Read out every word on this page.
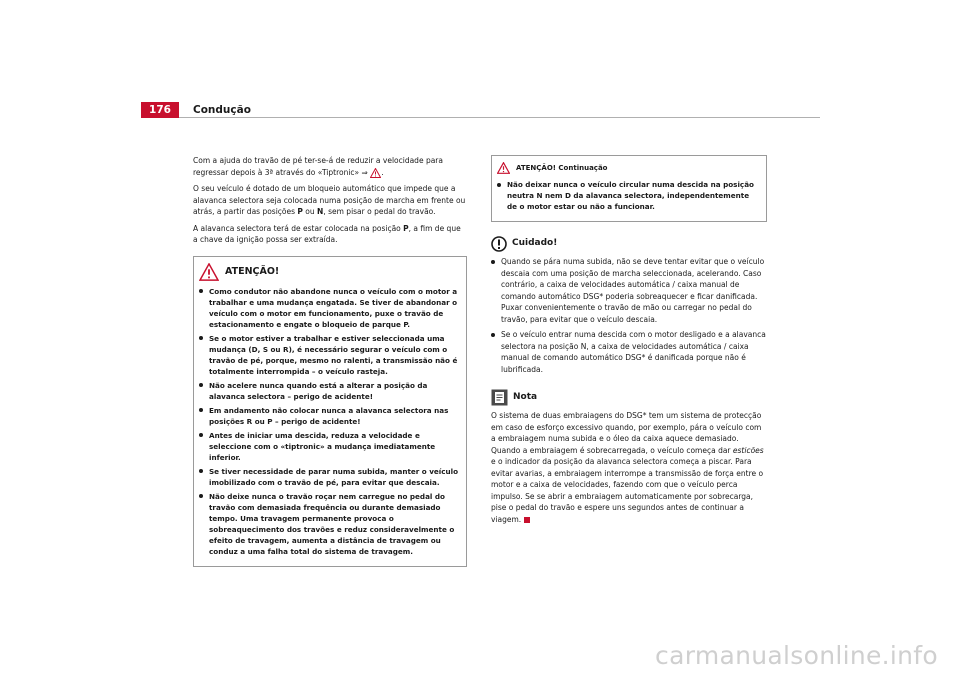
176	Condução

Com a ajuda do travão de pé ter-se-á de reduzir a velocidade para regressar depois à 3ª através do «Tiptronic» ⇒ .

O seu veículo é dotado de um bloqueio automático que impede que a alavanca selectora seja colocada numa posição de marcha em frente ou atrás, a partir das posições P ou N, sem pisar o pedal do travão.

A alavanca selectora terá de estar colocada na posição P, a fim de que a chave da ignição possa ser extraída.

ATENÇÃO!
Como condutor não abandone nunca o veículo com o motor a trabalhar e uma mudança engatada. Se tiver de abandonar o veículo com o motor em funcionamento, puxe o travão de estacionamento e engate o bloqueio de parque P.
Se o motor estiver a trabalhar e estiver seleccionada uma mudança (D, S ou R), é necessário segurar o veículo com o travão de pé, porque, mesmo no ralenti, a transmissão não é totalmente interrompida – o veículo rasteja.
Não acelere nunca quando está a alterar a posição da alavanca selectora – perigo de acidente!
Em andamento não colocar nunca a alavanca selectora nas posições R ou P – perigo de acidente!
Antes de iniciar uma descida, reduza a velocidade e seleccione com o «tiptronic» a mudança imediatamente inferior.
Se tiver necessidade de parar numa subida, manter o veículo imobilizado com o travão de pé, para evitar que descaia.
Não deixe nunca o travão roçar nem carregue no pedal do travão com demasiada frequência ou durante demasiado tempo. Uma travagem permanente provoca o sobreaquecimento dos travões e reduz consideravelmente o efeito de travagem, aumenta a distância de travagem ou conduz a uma falha total do sistema de travagem.
ATENÇÃO! Continuação
Não deixar nunca o veículo circular numa descida na posição neutra N nem D da alavanca selectora, independentemente de o motor estar ou não a funcionar.
Cuidado!
Quando se pára numa subida, não se deve tentar evitar que o veículo descaia com uma posição de marcha seleccionada, acelerando. Caso contrário, a caixa de velocidades automática / caixa manual de comando automático DSG* poderia sobreaquecer e ficar danificada. Puxar convenientemente o travão de mão ou carregar no pedal do travão, para evitar que o veículo descaia.
Se o veículo entrar numa descida com o motor desligado e a alavanca selectora na posição N, a caixa de velocidades automática / caixa manual de comando automático DSG* é danificada porque não é lubrificada.
Nota

O sistema de duas embraiagens do DSG* tem um sistema de protecção em caso de esforço excessivo quando, por exemplo, pára o veículo com a embraiagem numa subida e o óleo da caixa aquece demasiado. Quando a embraiagem é sobrecarregada, o veículo começa dar esticões e o indicador da posição da alavanca selectora começa a piscar. Para evitar avarias, a embraiagem interrompe a transmissão de força entre o motor e a caixa de velocidades, fazendo com que o veículo perca impulso. Se se abrir a embraiagem automaticamente por sobrecarga, pise o pedal do travão e espere uns segundos antes de continuar a viagem.

carmanualsonline.info
